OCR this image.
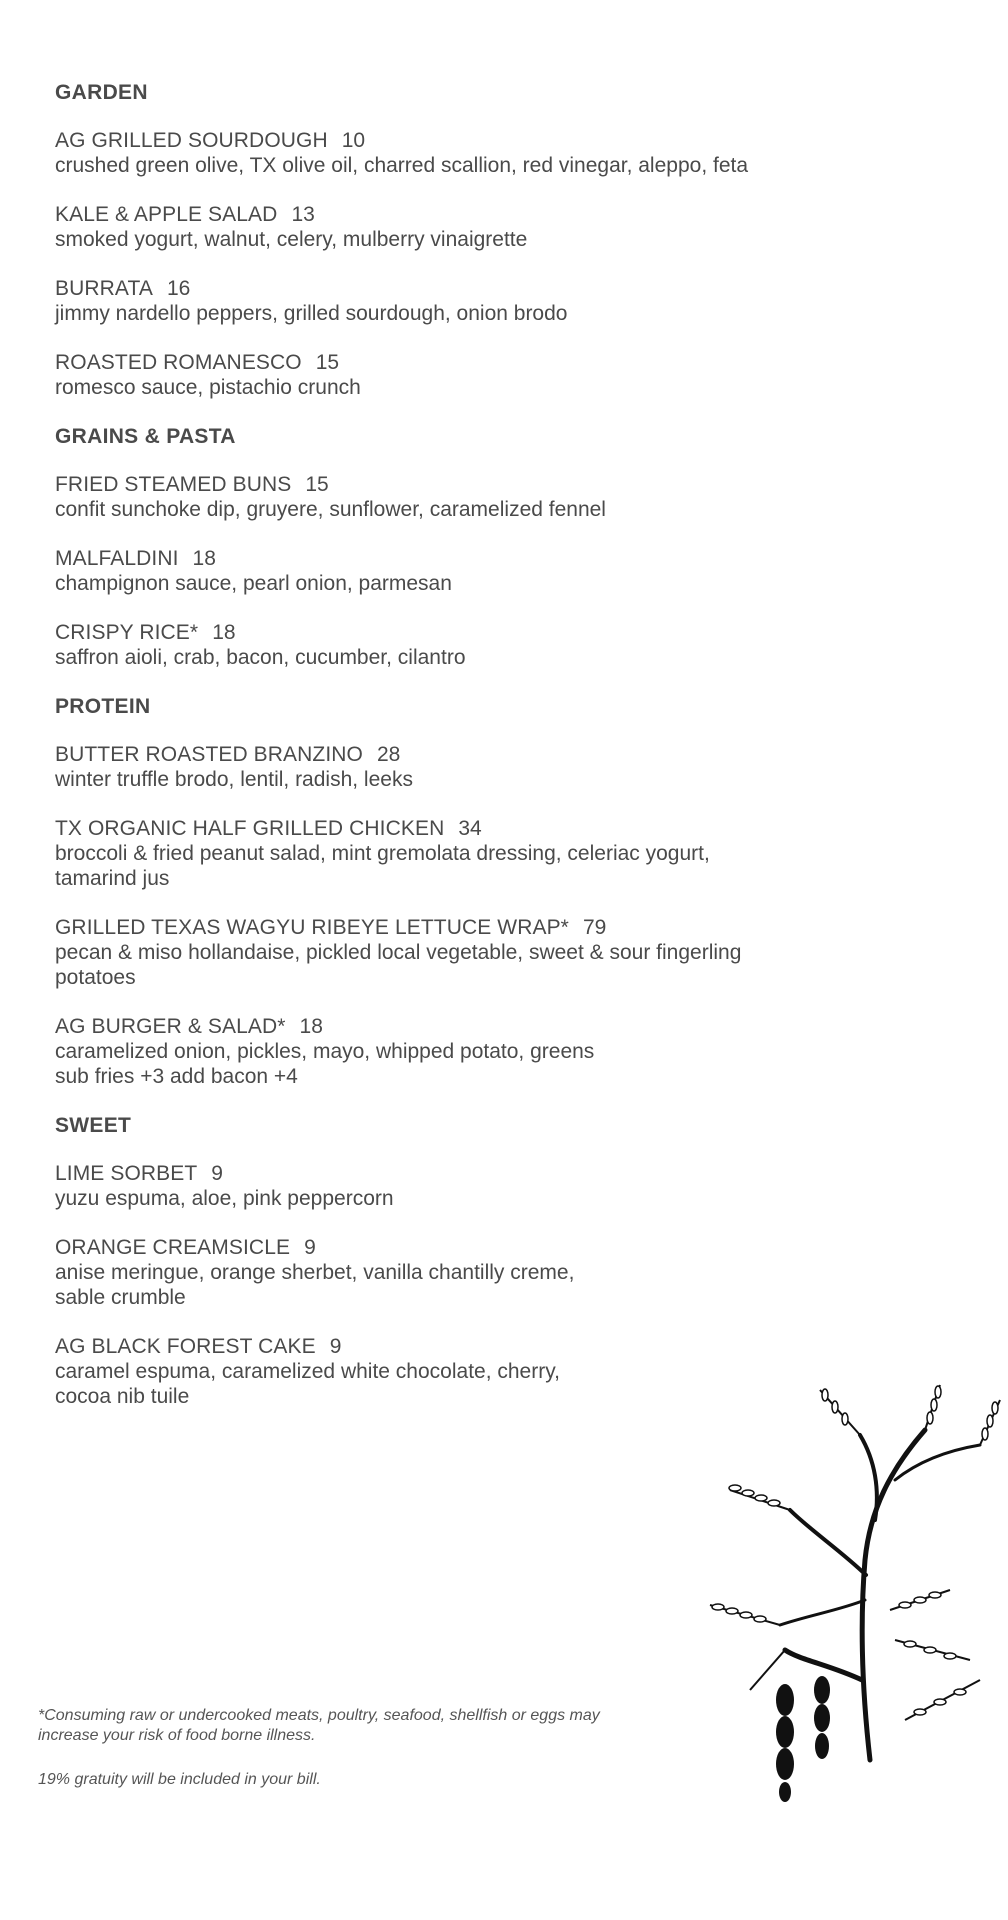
GARDEN
AG GRILLED SOURDOUGH 10
crushed green olive, TX olive oil, charred scallion, red vinegar, aleppo, feta
KALE & APPLE SALAD 13
smoked yogurt, walnut, celery, mulberry vinaigrette
BURRATA 16
jimmy nardello peppers, grilled sourdough, onion brodo
ROASTED ROMANESCO 15
romesco sauce, pistachio crunch
GRAINS & PASTA
FRIED STEAMED BUNS 15
confit sunchoke dip, gruyere, sunflower, caramelized fennel
MALFALDINI 18
champignon sauce, pearl onion, parmesan
CRISPY RICE* 18
saffron aioli, crab, bacon, cucumber, cilantro
PROTEIN
BUTTER ROASTED BRANZINO 28
winter truffle brodo, lentil, radish, leeks
TX ORGANIC HALF GRILLED CHICKEN 34
broccoli & fried peanut salad, mint gremolata dressing, celeriac yogurt,
tamarind jus
GRILLED TEXAS WAGYU RIBEYE LETTUCE WRAP* 79
pecan & miso hollandaise, pickled local vegetable, sweet & sour fingerling
potatoes
AG BURGER & SALAD* 18
caramelized onion, pickles, mayo, whipped potato, greens
sub fries +3 add bacon +4
SWEET
LIME SORBET 9
yuzu espuma, aloe, pink peppercorn
ORANGE CREAMSICLE 9
anise meringue, orange sherbet, vanilla chantilly creme,
sable crumble
AG BLACK FOREST CAKE 9
caramel espuma, caramelized white chocolate, cherry,
cocoa nib tuile

*Consuming raw or undercooked meats, poultry, seafood, shellfish or eggs may
increase your risk of food borne illness.

19% gratuity will be included in your bill.
